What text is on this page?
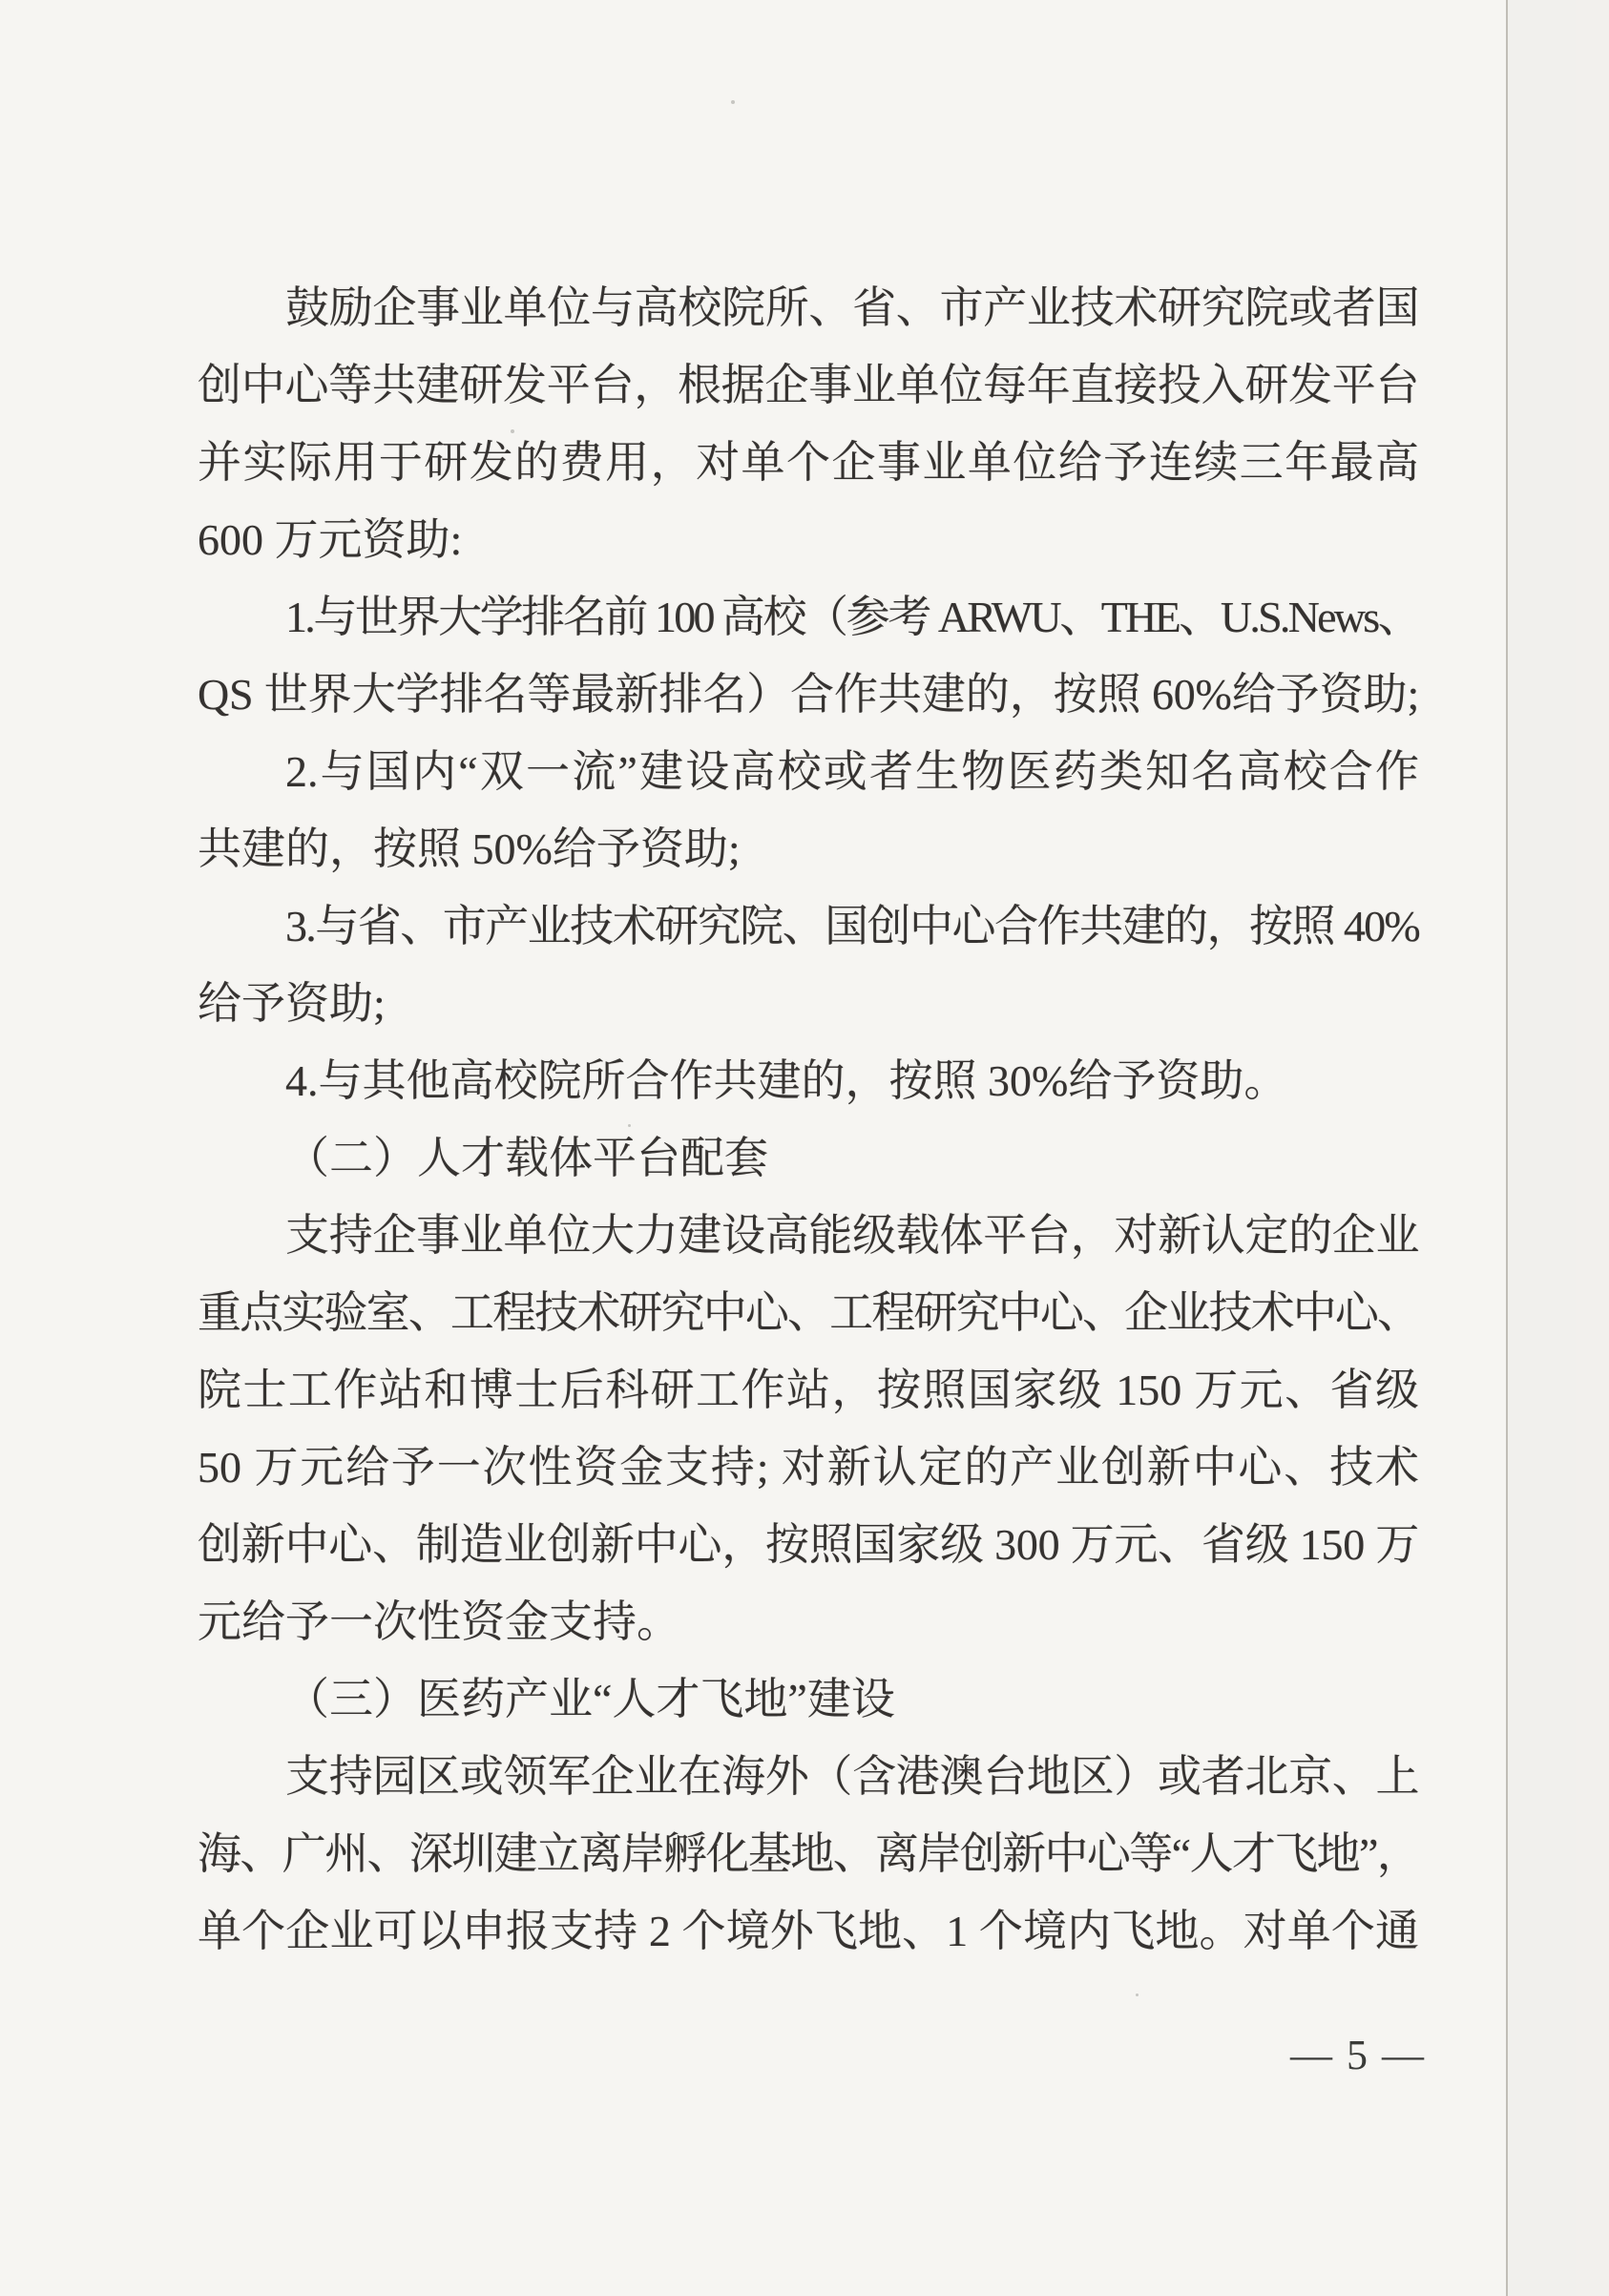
鼓励企事业单位与高校院所、省、市产业技术研究院或者国
创中心等共建研发平台，根据企事业单位每年直接投入研发平台
并实际用于研发的费用，对单个企事业单位给予连续三年最高
600 万元资助:
1.与世界大学排名前 100 高校（参考 ARWU、THE、U.S.News、
QS 世界大学排名等最新排名）合作共建的，按照 60%给予资助;
2.与国内“双一流”建设高校或者生物医药类知名高校合作
共建的，按照 50%给予资助;
3.与省、市产业技术研究院、国创中心合作共建的，按照 40%
给予资助;
4.与其他高校院所合作共建的，按照 30%给予资助。
（二）人才载体平台配套
支持企事业单位大力建设高能级载体平台，对新认定的企业
重点实验室、工程技术研究中心、工程研究中心、企业技术中心、
院士工作站和博士后科研工作站，按照国家级 150 万元、省级
50 万元给予一次性资金支持; 对新认定的产业创新中心、技术
创新中心、制造业创新中心，按照国家级 300 万元、省级 150 万
元给予一次性资金支持。
（三）医药产业“人才飞地”建设
支持园区或领军企业在海外（含港澳台地区）或者北京、上
海、广州、深圳建立离岸孵化基地、离岸创新中心等“人才飞地”，
单个企业可以申报支持 2 个境外飞地、1 个境内飞地。对单个通
— 5 —
